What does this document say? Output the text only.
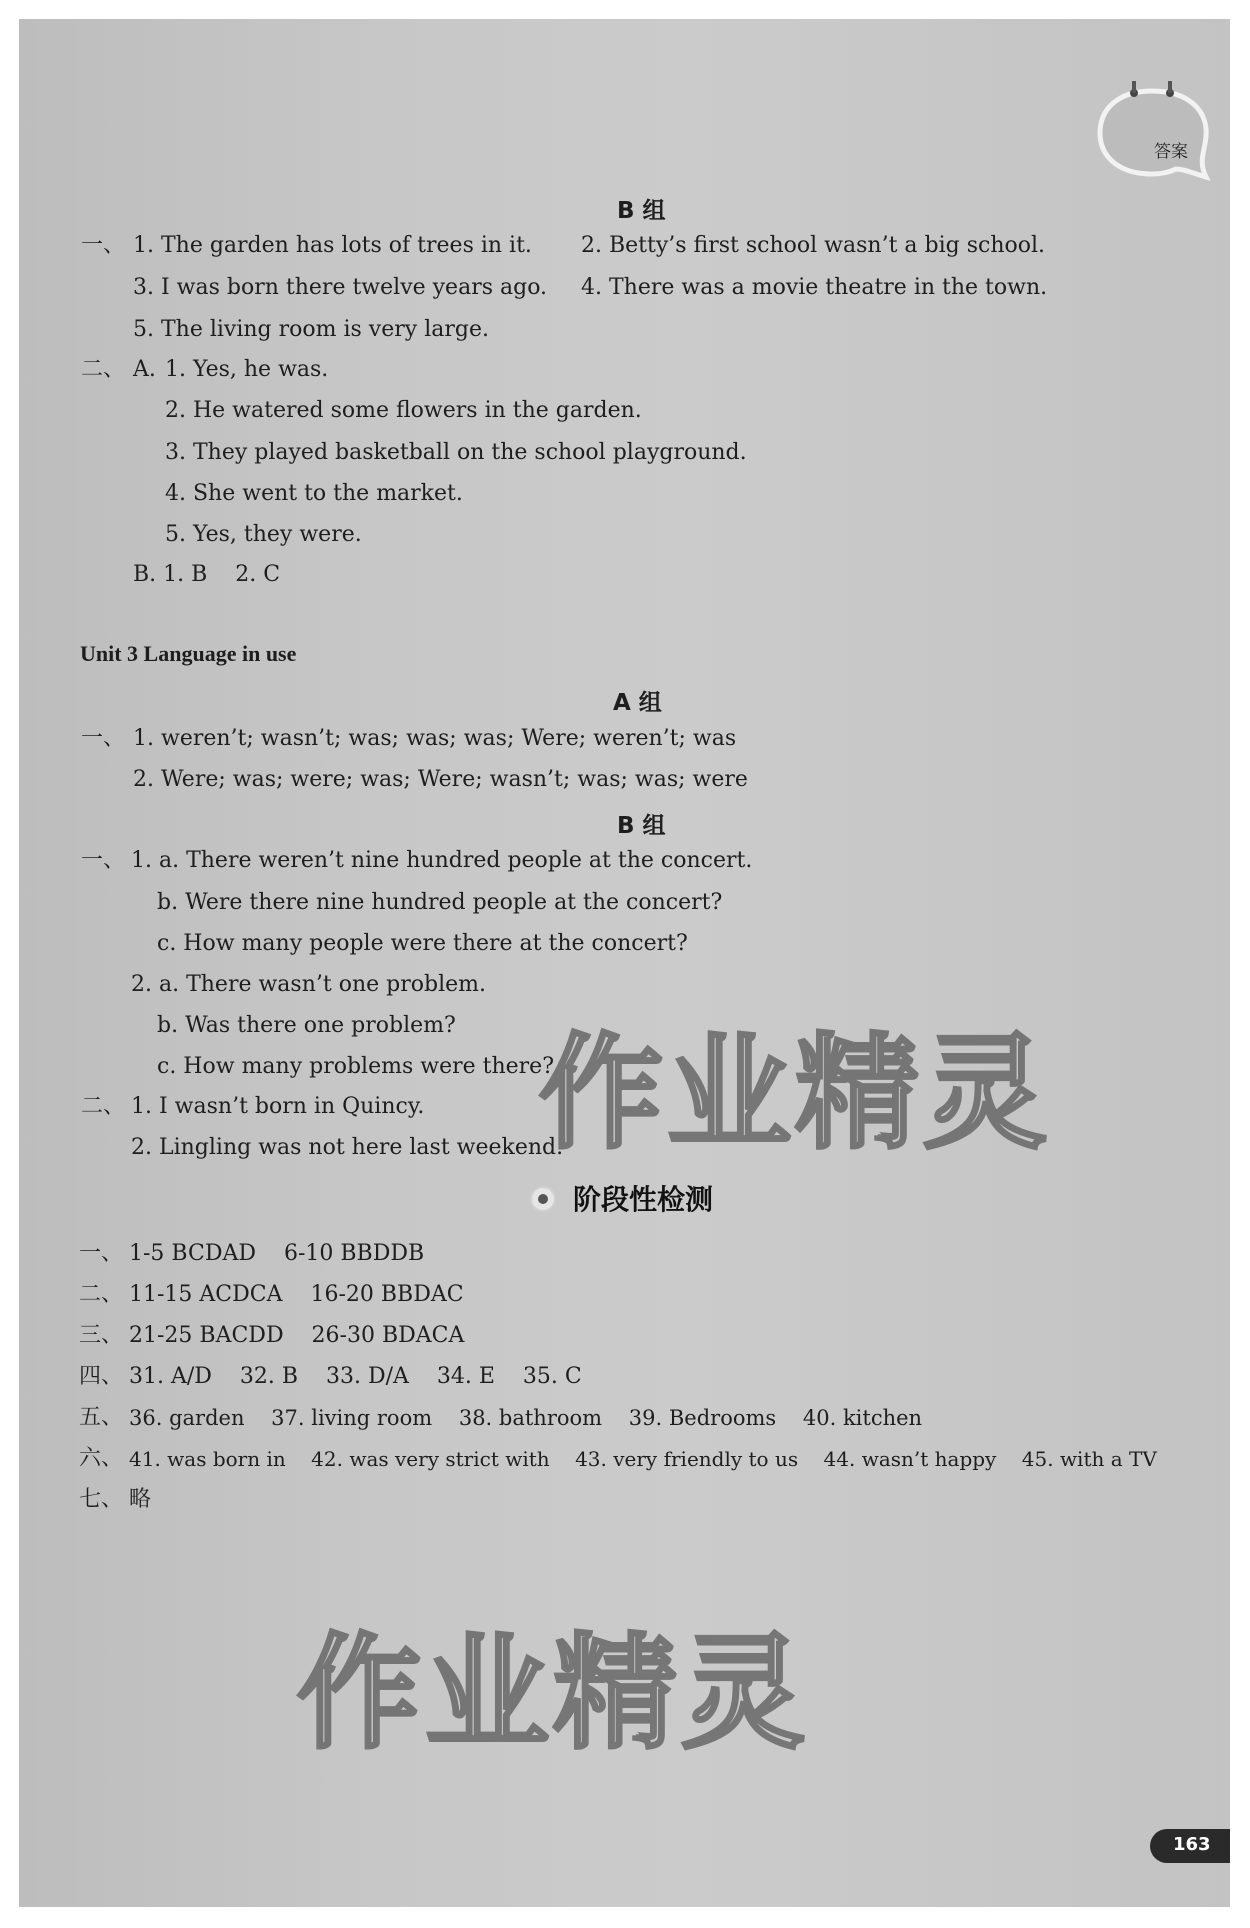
答案
B 组
一、 1. The garden has lots of trees in it. 2. Betty’s first school wasn’t a big school.
3. I was born there twelve years ago. 4. There was a movie theatre in the town.
5. The living room is very large.
二、 A. 1. Yes, he was.
2. He watered some flowers in the garden.
3. They played basketball on the school playground.
4. She went to the market.
5. Yes, they were.
B. 1. B    2. C
Unit 3 Language in use
A 组
一、 1. weren’t; wasn’t; was; was; was; Were; weren’t; was
2. Were; was; were; was; Were; wasn’t; was; was; were
B 组
一、 1. a. There weren’t nine hundred people at the concert.
b. Were there nine hundred people at the concert?
c. How many people were there at the concert?
2. a. There wasn’t one problem.
b. Was there one problem?
c. How many problems were there?
二、 1. I wasn’t born in Quincy.
2. Lingling was not here last weekend.
阶段性检测
一、 1-5 BCDAD    6-10 BBDDB
二、 11-15 ACDCA    16-20 BBDAC
三、 21-25 BACDD    26-30 BDACA
四、 31. A/D    32. B    33. D/A    34. E    35. C
五、 36. garden    37. living room    38. bathroom    39. Bedrooms    40. kitchen
六、 41. was born in    42. was very strict with    43. very friendly to us    44. wasn’t happy    45. with a TV
七、 略
作业精灵
作业精灵
163
